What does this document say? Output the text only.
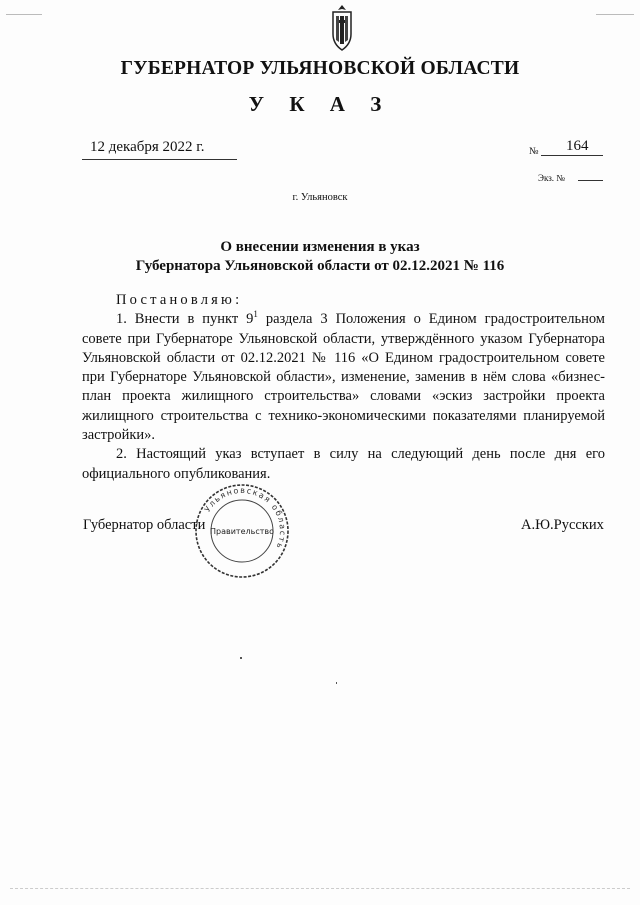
ГУБЕРНАТОР УЛЬЯНОВСКОЙ ОБЛАСТИ
У К А З
12 декабря 2022 г.	№ 164
Экз. №
г. Ульяновск
О внесении изменения в указ
Губернатора Ульяновской области от 02.12.2021 № 116

Постановляю:

1. Внести в пункт $9^1$ раздела 3 Положения о Едином градостроительном совете при Губернаторе Ульяновской области, утверждённого указом Губернатора Ульяновской области от 02.12.2021 № 116 «О Едином градостроительном совете при Губернаторе Ульяновской области», изменение, заменив в нём слова «бизнес-план проекта жилищного строительства» словами «эскиз застройки проекта жилищного строительства с технико-экономическими показателями планируемой застройки».

2. Настоящий указ вступает в силу на следующий день после дня его официального опубликования.

Ульяновская область
Правительство
Губернатор области	А.Ю.Русских
